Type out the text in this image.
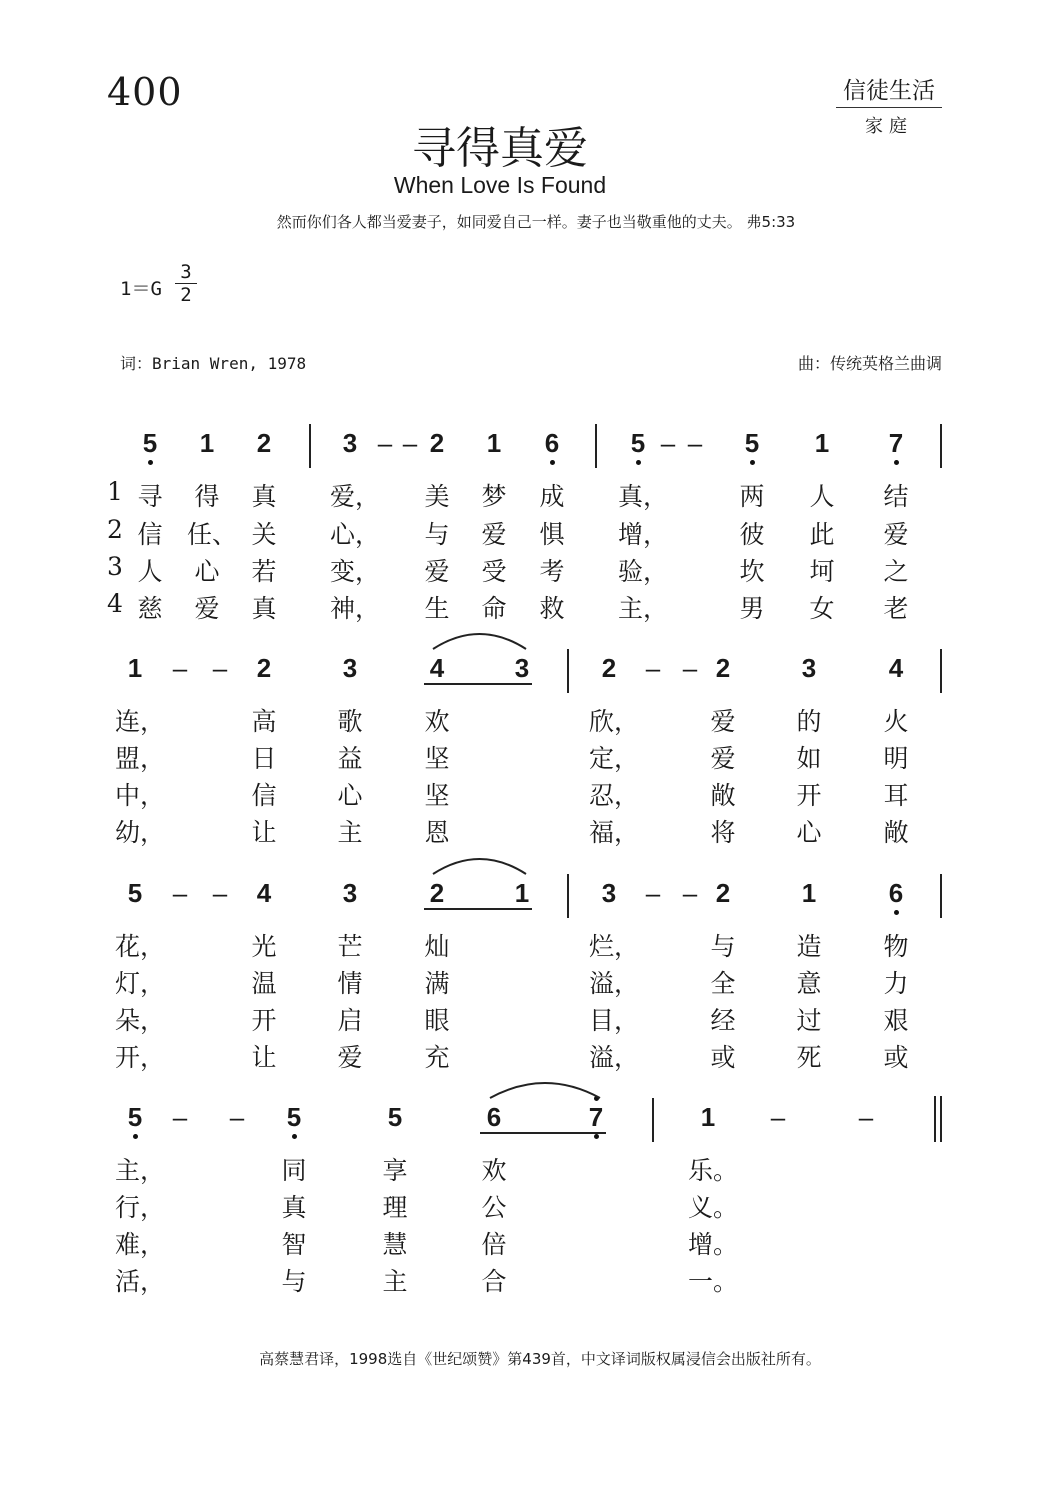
400	信徒生活
家庭
寻得真爱
When Love Is Found
然而你们各人都当爱妻子，如同爱自己一样。妻子也当敬重他的丈夫。 弗5:33
1＝G
3
2
词：Brian Wren, 1978	曲：传统英格兰曲调
5 1 2	3 – – 2 1 6	5 – – 5 1 7
1 寻	得	真	爱， 美	梦	成	真，	两	人	结
2 信 任、 关	心， 与	爱	惧	增，	彼	此	爱
3 人	心	若	变， 爱	受	考	验，	坎	坷	之
4 慈	爱	真	神， 生	命	救	主，	男	女	老
1 – – 2	3	4	3	2 – – 2	3	4
连，	高	歌	欢	欣，	爱	的	火
盟，	日	益	坚	定，	爱	如	明
中，	信	心	坚	忍，	敞	开	耳
幼，	让	主	恩	福，	将	心	敞
5 – – 4	3	2	1	3 – – 2	1	6
花，	光	芒	灿	烂，	与	造	物
灯，	温	情	满	溢，	全	意	力
朵，	开	启	眼	目，	经	过	艰
开，	让	爱	充	溢，	或	死	或
5 – – 5	5	6	7	1 –	–
主，	同	享	欢	乐。
行，	真	理	公	义。
难，	智	慧	倍	增。
活，	与	主	合	一。
高蔡慧君译，1998选自《世纪颂赞》第439首，中文译词版权属浸信会出版社所有。
